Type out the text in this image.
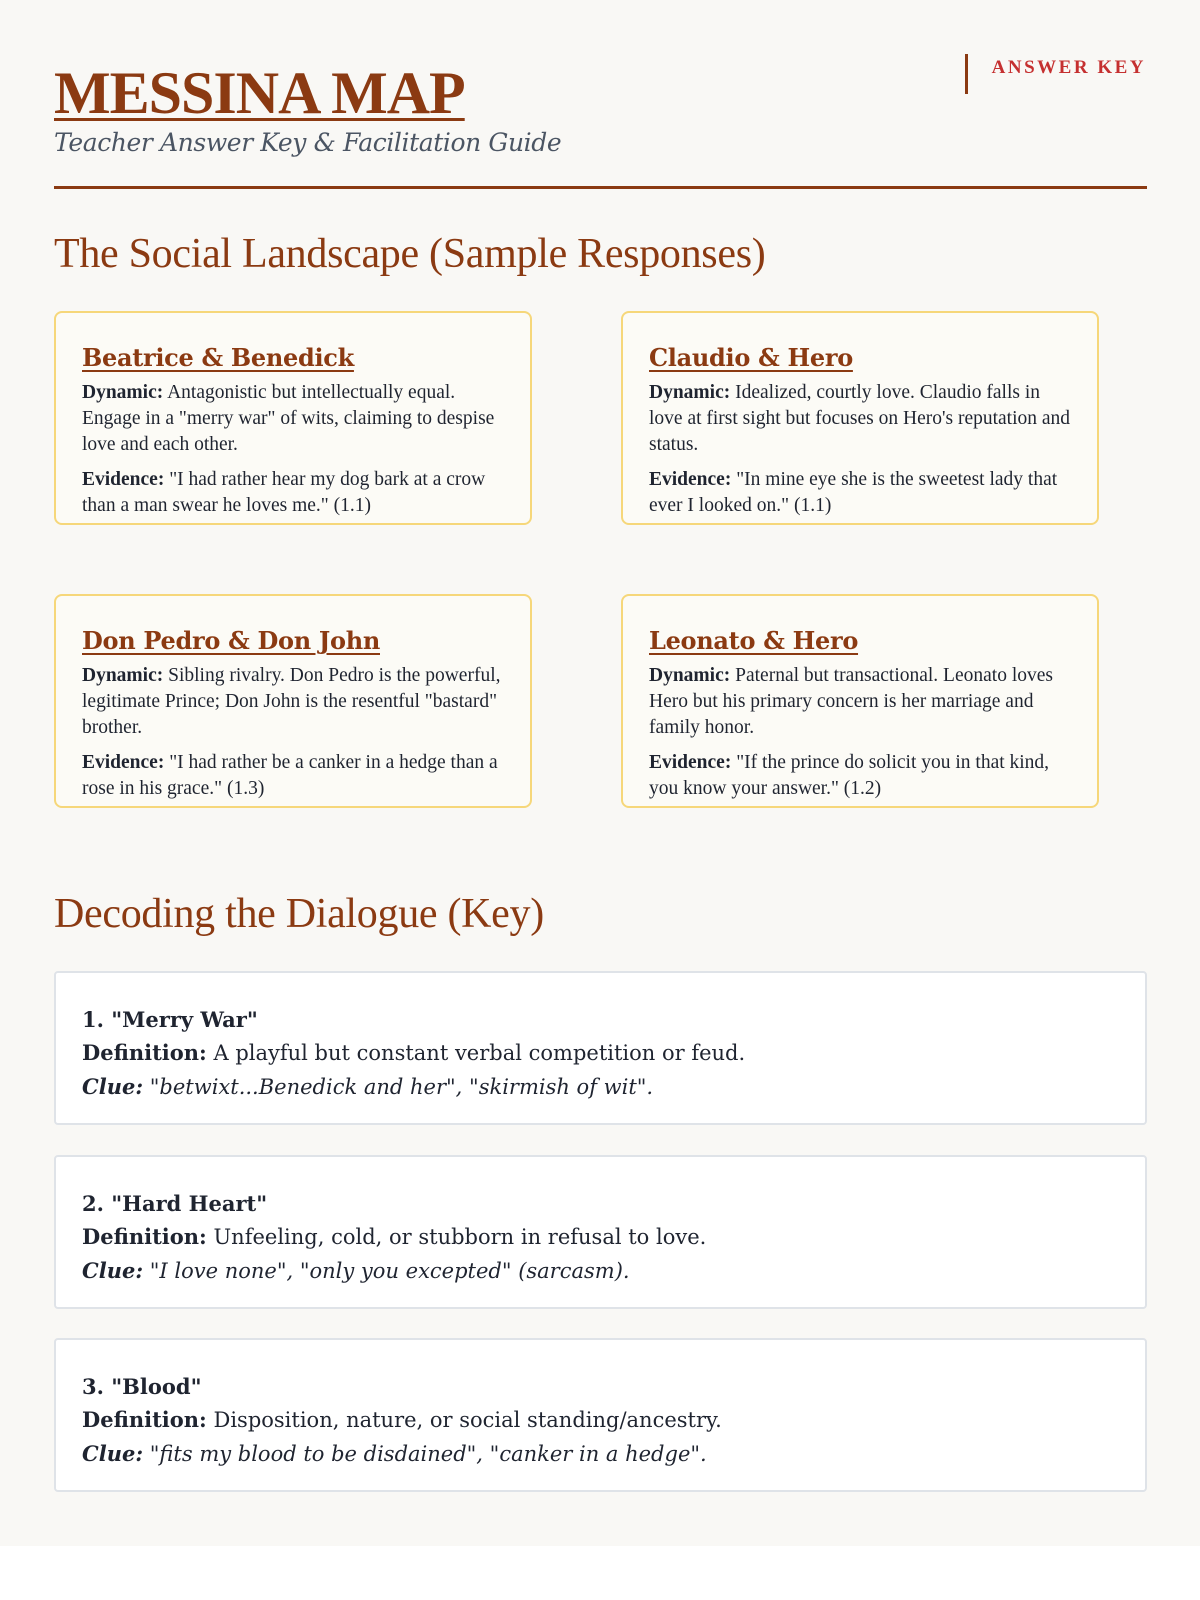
MESSINA MAP
Teacher Answer Key & Facilitation Guide
ANSWER KEY
The Social Landscape (Sample Responses)
Beatrice & Benedick

Dynamic: Antagonistic but intellectually equal. Engage in a "merry war" of wits, claiming to despise love and each other.

Evidence: "I had rather hear my dog bark at a crow than a man swear he loves me." (1.1)

Claudio & Hero

Dynamic: Idealized, courtly love. Claudio falls in love at first sight but focuses on Hero's reputation and status.

Evidence: "In mine eye she is the sweetest lady that ever I looked on." (1.1)

Don Pedro & Don John

Dynamic: Sibling rivalry. Don Pedro is the powerful, legitimate Prince; Don John is the resentful "bastard" brother.

Evidence: "I had rather be a canker in a hedge than a rose in his grace." (1.3)

Leonato & Hero

Dynamic: Paternal but transactional. Leonato loves Hero but his primary concern is her marriage and family honor.

Evidence: "If the prince do solicit you in that kind, you know your answer." (1.2)

Decoding the Dialogue (Key)
1. "Merry War"
Definition: A playful but constant verbal competition or feud.
Clue: "betwixt...Benedick and her", "skirmish of wit".
2. "Hard Heart"
Definition: Unfeeling, cold, or stubborn in refusal to love.
Clue: "I love none", "only you excepted" (sarcasm).
3. "Blood"
Definition: Disposition, nature, or social standing/ancestry.
Clue: "fits my blood to be disdained", "canker in a hedge".
